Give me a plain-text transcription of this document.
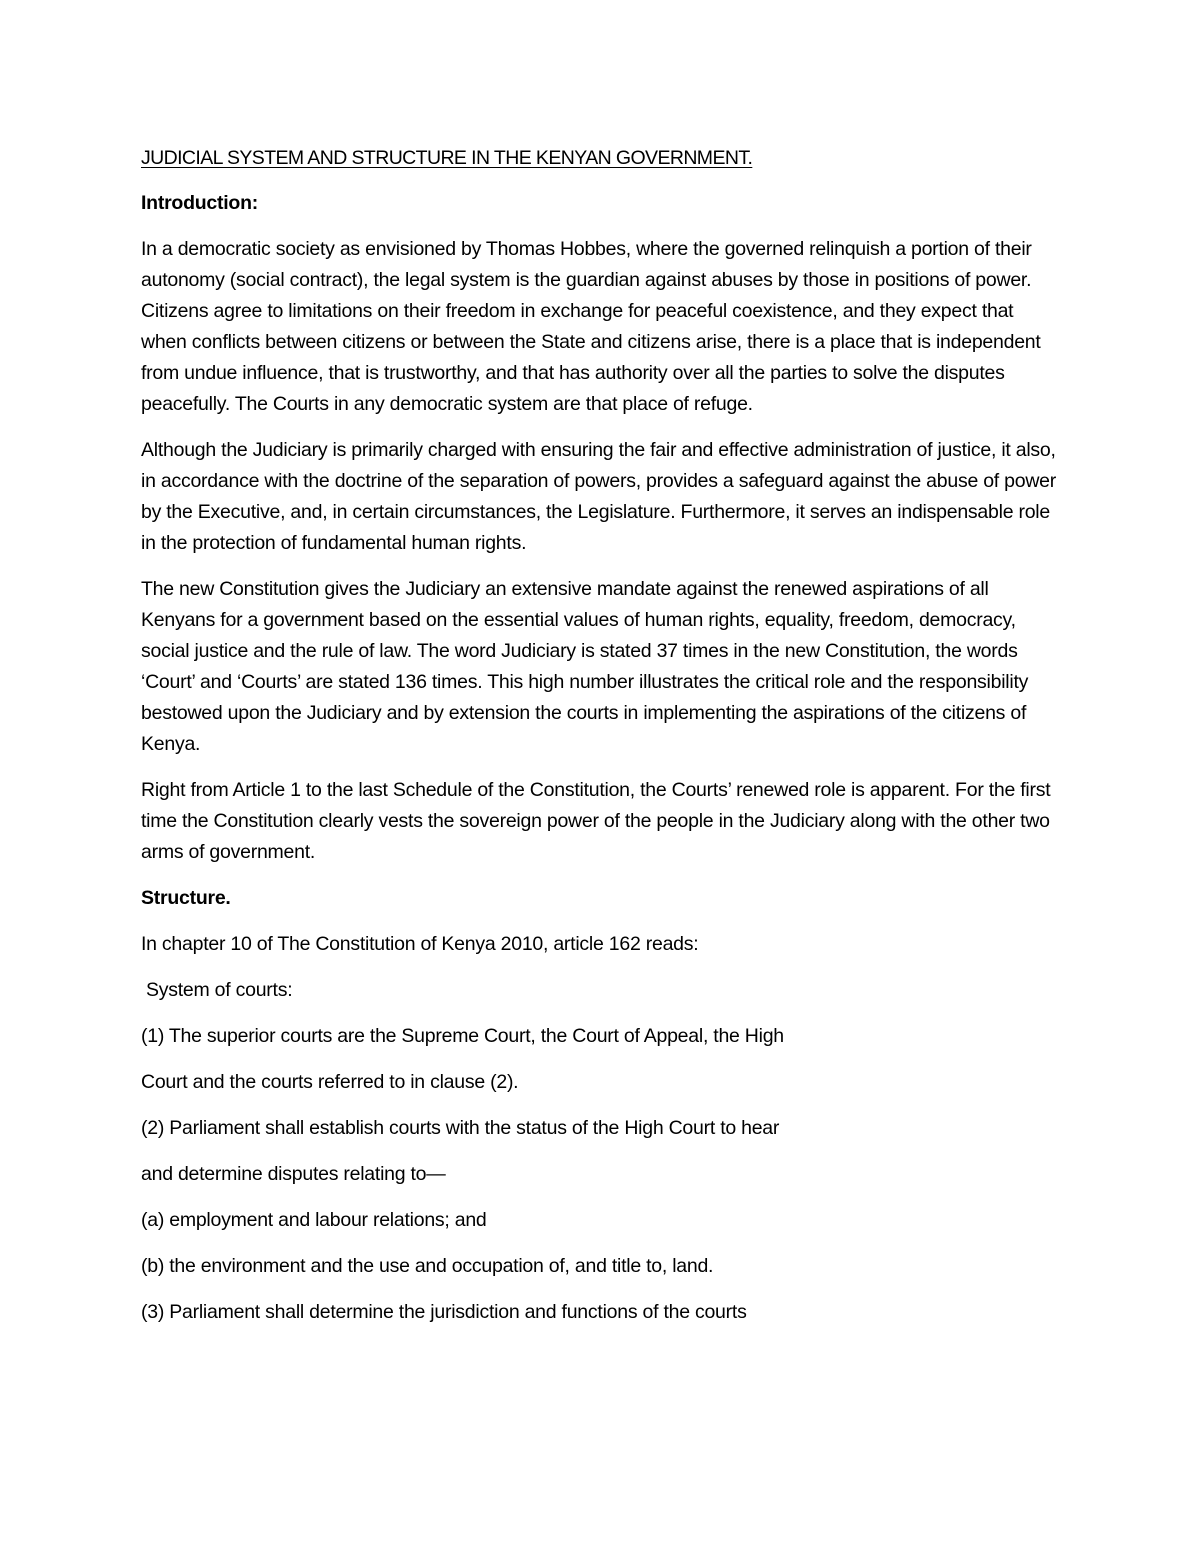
JUDICIAL SYSTEM AND STRUCTURE IN THE KENYAN GOVERNMENT.

Introduction:

In a democratic society as envisioned by Thomas Hobbes, where the governed relinquish a portion of their autonomy (social contract), the legal system is the guardian against abuses by those in positions of power. Citizens agree to limitations on their freedom in exchange for peaceful coexistence, and they expect that when conflicts between citizens or between the State and citizens arise, there is a place that is independent from undue influence, that is trustworthy, and that has authority over all the parties to solve the disputes peacefully. The Courts in any democratic system are that place of refuge.

Although the Judiciary is primarily charged with ensuring the fair and effective administration of justice, it also, in accordance with the doctrine of the separation of powers, provides a safeguard against the abuse of power by the Executive, and, in certain circumstances, the Legislature. Furthermore, it serves an indispensable role in the protection of fundamental human rights.

The new Constitution gives the Judiciary an extensive mandate against the renewed aspirations of all Kenyans for a government based on the essential values of human rights, equality, freedom, democracy, social justice and the rule of law. The word Judiciary is stated 37 times in the new Constitution, the words ‘Court’ and ‘Courts’ are stated 136 times. This high number illustrates the critical role and the responsibility bestowed upon the Judiciary and by extension the courts in implementing the aspirations of the citizens of Kenya.

Right from Article 1 to the last Schedule of the Constitution, the Courts’ renewed role is apparent. For the first time the Constitution clearly vests the sovereign power of the people in the Judiciary along with the other two arms of government.

Structure.

In chapter 10 of The Constitution of Kenya 2010, article 162 reads:

System of courts:

(1) The superior courts are the Supreme Court, the Court of Appeal, the High

Court and the courts referred to in clause (2).

(2) Parliament shall establish courts with the status of the High Court to hear

and determine disputes relating to—

(a) employment and labour relations; and

(b) the environment and the use and occupation of, and title to, land.

(3) Parliament shall determine the jurisdiction and functions of the courts
